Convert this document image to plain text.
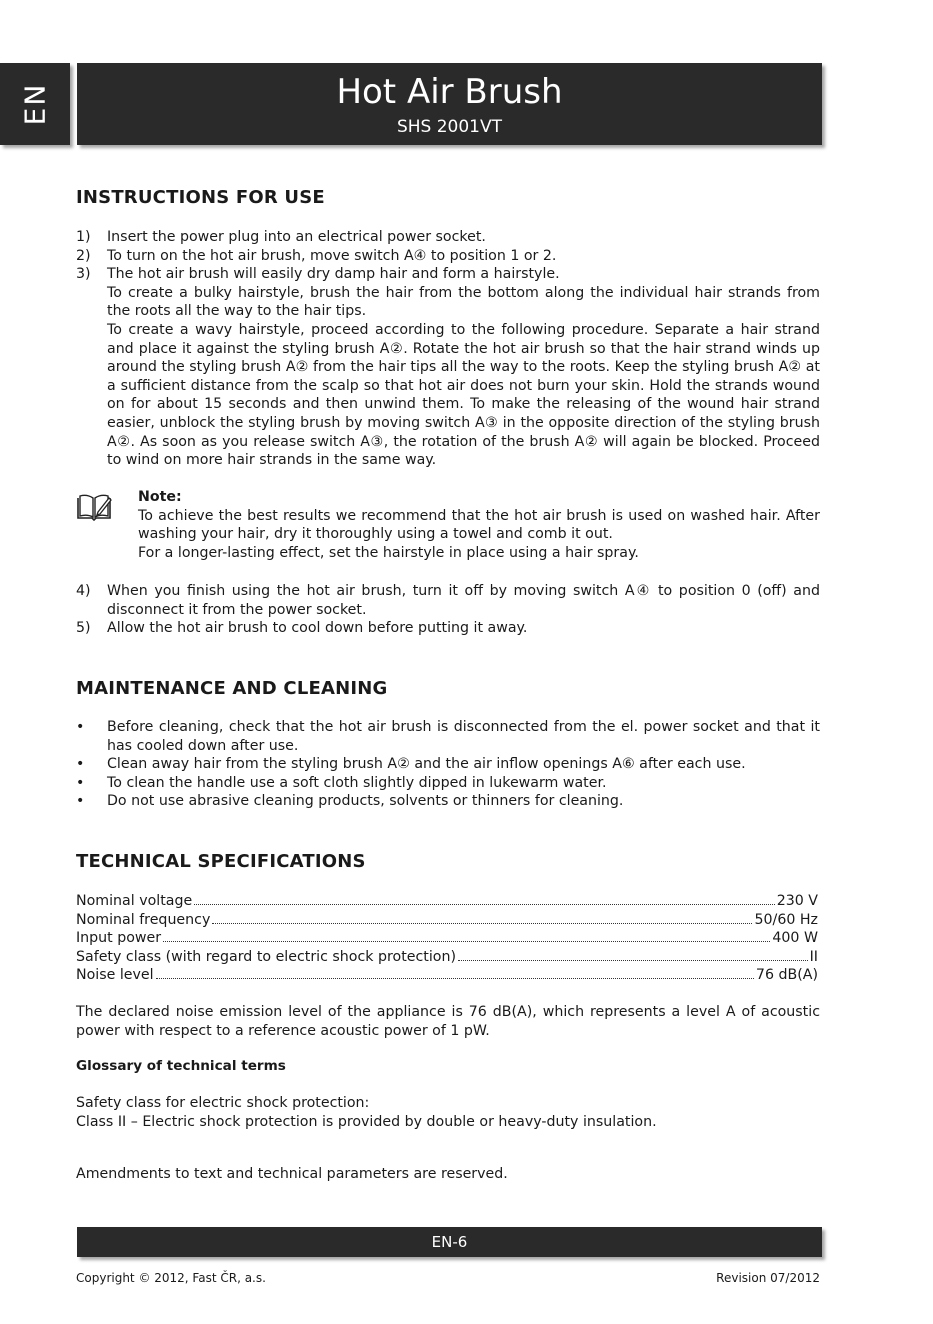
EN	Hot Air Brush
SHS 2001VT
INSTRUCTIONS FOR USE
1) Insert the power plug into an electrical power socket.
2) To turn on the hot air brush, move switch A④ to position 1 or 2.
3) The hot air brush will easily dry damp hair and form a hairstyle.
To create a bulky hairstyle, brush the hair from the bottom along the individual hair strands from the roots all the way to the hair tips.
To create a wavy hairstyle, proceed according to the following procedure. Separate a hair strand and place it against the styling brush A②. Rotate the hot air brush so that the hair strand winds up around the styling brush A② from the hair tips all the way to the roots. Keep the styling brush A② at a sufficient distance from the scalp so that hot air does not burn your skin. Hold the strands wound on for about 15 seconds and then unwind them. To make the releasing of the wound hair strand easier, unblock the styling brush by moving switch A③ in the opposite direction of the styling brush A②. As soon as you release switch A③, the rotation of the brush A② will again be blocked. Proceed to wind on more hair strands in the same way.
Note:
To achieve the best results we recommend that the hot air brush is used on washed hair. After washing your hair, dry it thoroughly using a towel and comb it out.
For a longer-lasting effect, set the hairstyle in place using a hair spray.
4) When you finish using the hot air brush, turn it off by moving switch A④ to position 0 (off) and disconnect it from the power socket.
5) Allow the hot air brush to cool down before putting it away.
MAINTENANCE AND CLEANING
• Before cleaning, check that the hot air brush is disconnected from the el. power socket and that it has cooled down after use.
• Clean away hair from the styling brush A② and the air inflow openings A⑥ after each use.
• To clean the handle use a soft cloth slightly dipped in lukewarm water.
• Do not use abrasive cleaning products, solvents or thinners for cleaning.
TECHNICAL SPECIFICATIONS
Nominal voltage	230 V
Nominal frequency	50/60 Hz
Input power	400 W
Safety class (with regard to electric shock protection)	II
Noise level	76 dB(A)
The declared noise emission level of the appliance is 76 dB(A), which represents a level A of acoustic power with respect to a reference acoustic power of 1 pW.
Glossary of technical terms
Safety class for electric shock protection:
Class II – Electric shock protection is provided by double or heavy-duty insulation.
Amendments to text and technical parameters are reserved.
EN-6
Copyright © 2012, Fast ČR, a.s.	Revision 07/2012
